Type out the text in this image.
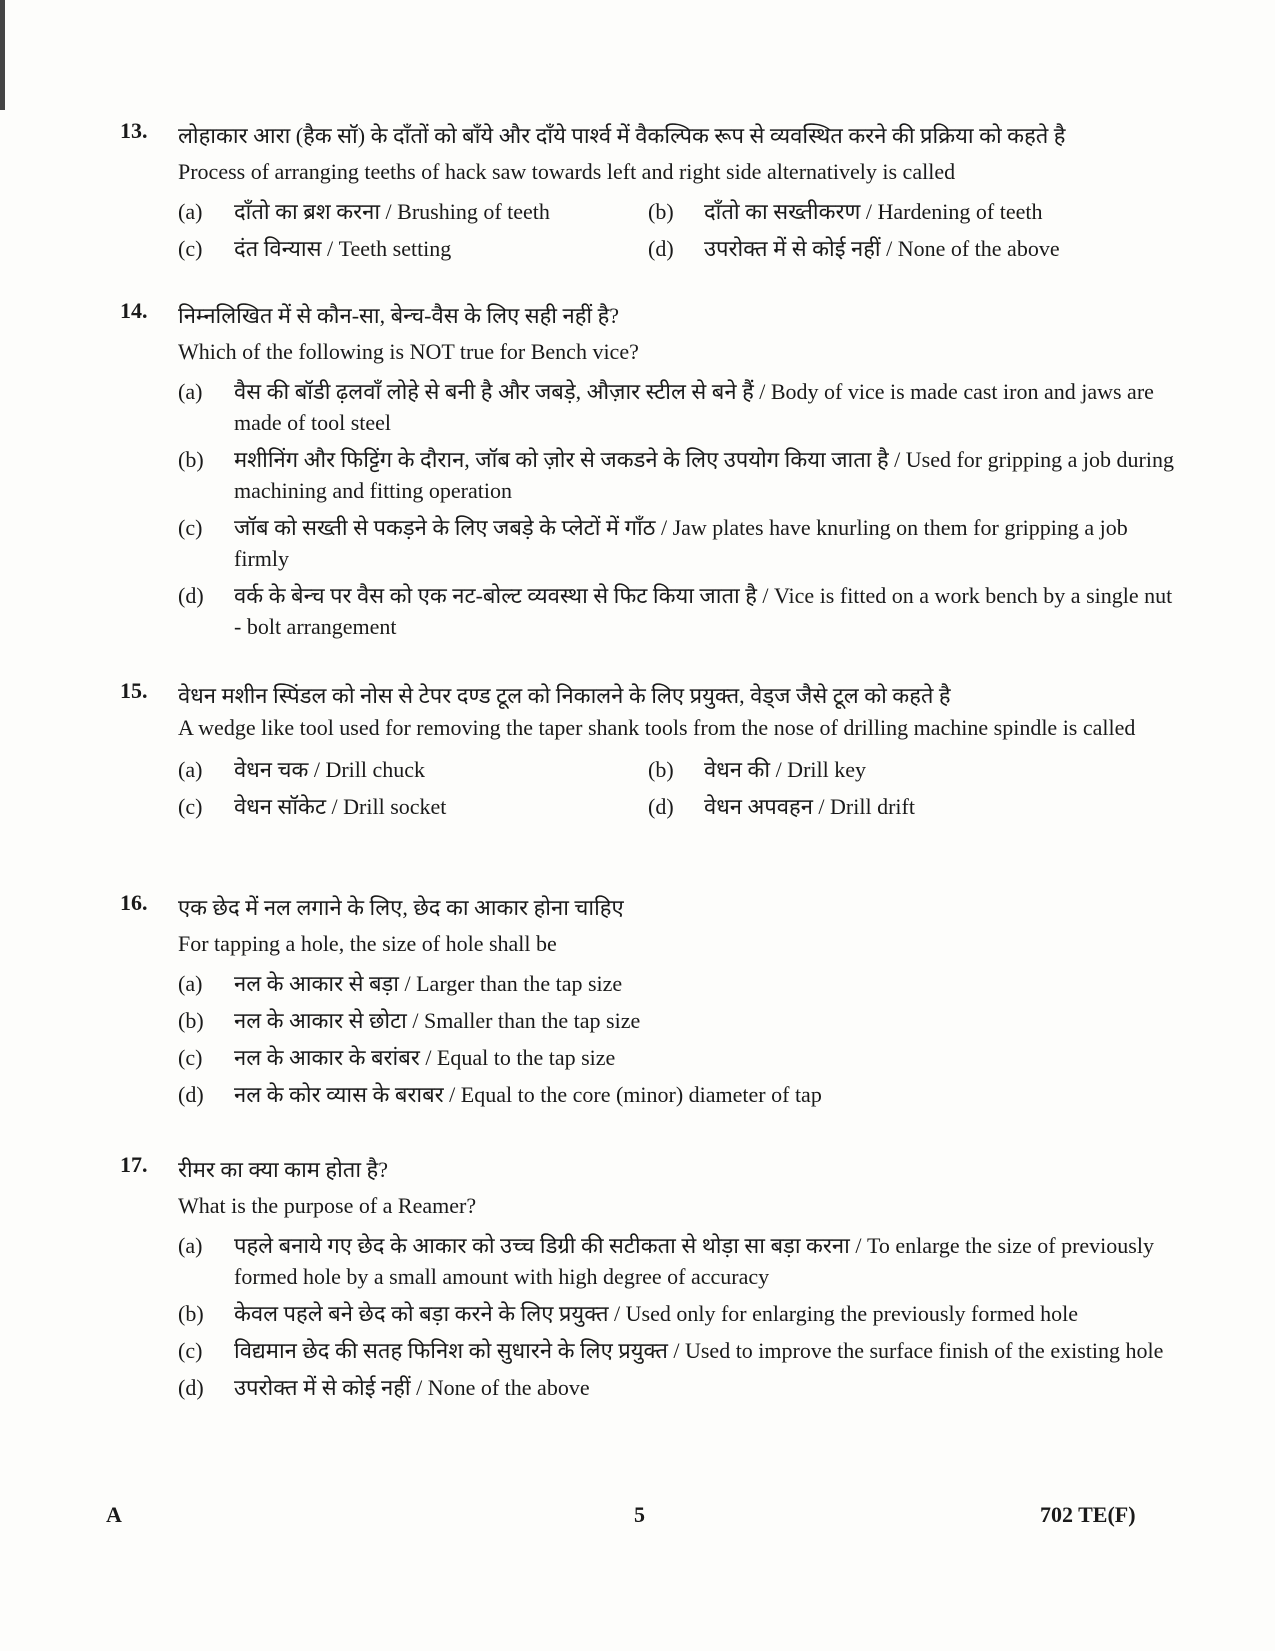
13. लोहाकार आरा (हैक सॉ) के दाँतों को बाँये और दाँये पार्श्व में वैकल्पिक रूप से व्यवस्थित करने की प्रक्रिया को कहते है
Process of arranging teeths of hack saw towards left and right side alternatively is called
(a)	दाँतो का ब्रश करना / Brushing of teeth	(b)	दाँतो का सख्तीकरण / Hardening of teeth
(c)	दंत विन्यास / Teeth setting	(d)	उपरोक्त में से कोई नहीं / None of the above
14. निम्नलिखित में से कौन-सा, बेन्च-वैस के लिए सही नहीं है?
Which of the following is NOT true for Bench vice?
(a)	वैस की बॉडी ढ़लवाँ लोहे से बनी है और जबड़े, औज़ार स्टील से बने हैं / Body of vice is made cast iron and jaws are made of tool steel
(b)	मशीनिंग और फिट्टिंग के दौरान, जॉब को ज़ोर से जकडने के लिए उपयोग किया जाता है / Used for gripping a job during machining and fitting operation
(c)	जॉब को सख्ती से पकड़ने के लिए जबड़े के प्लेटों में गाँठ / Jaw plates have knurling on them for gripping a job firmly
(d)	वर्क के बेन्च पर वैस को एक नट-बोल्ट व्यवस्था से फिट किया जाता है / Vice is fitted on a work bench by a single nut - bolt arrangement
15. वेधन मशीन स्पिंडल को नोस से टेपर दण्ड टूल को निकालने के लिए प्रयुक्त, वेड्ज जैसे टूल को कहते है
A wedge like tool used for removing the taper shank tools from the nose of drilling machine spindle is called
(a)	वेधन चक / Drill chuck	(b)	वेधन की / Drill key
(c)	वेधन सॉकेट / Drill socket	(d)	वेधन अपवहन / Drill drift
16. एक छेद में नल लगाने के लिए, छेद का आकार होना चाहिए
For tapping a hole, the size of hole shall be
(a)	नल के आकार से बड़ा / Larger than the tap size
(b)	नल के आकार से छोटा / Smaller than the tap size
(c)	नल के आकार के बरांबर / Equal to the tap size
(d)	नल के कोर व्यास के बराबर / Equal to the core (minor) diameter of tap
17. रीमर का क्या काम होता है?
What is the purpose of a Reamer?
(a)	पहले बनाये गए छेद के आकार को उच्च डिग्री की सटीकता से थोड़ा सा बड़ा करना / To enlarge the size of previously formed hole by a small amount with high degree of accuracy
(b)	केवल पहले बने छेद को बड़ा करने के लिए प्रयुक्त / Used only for enlarging the previously formed hole
(c)	विद्यमान छेद की सतह फिनिश को सुधारने के लिए प्रयुक्त / Used to improve the surface finish of the existing hole
(d)	उपरोक्त में से कोई नहीं / None of the above
A	5	702 TE(F)
